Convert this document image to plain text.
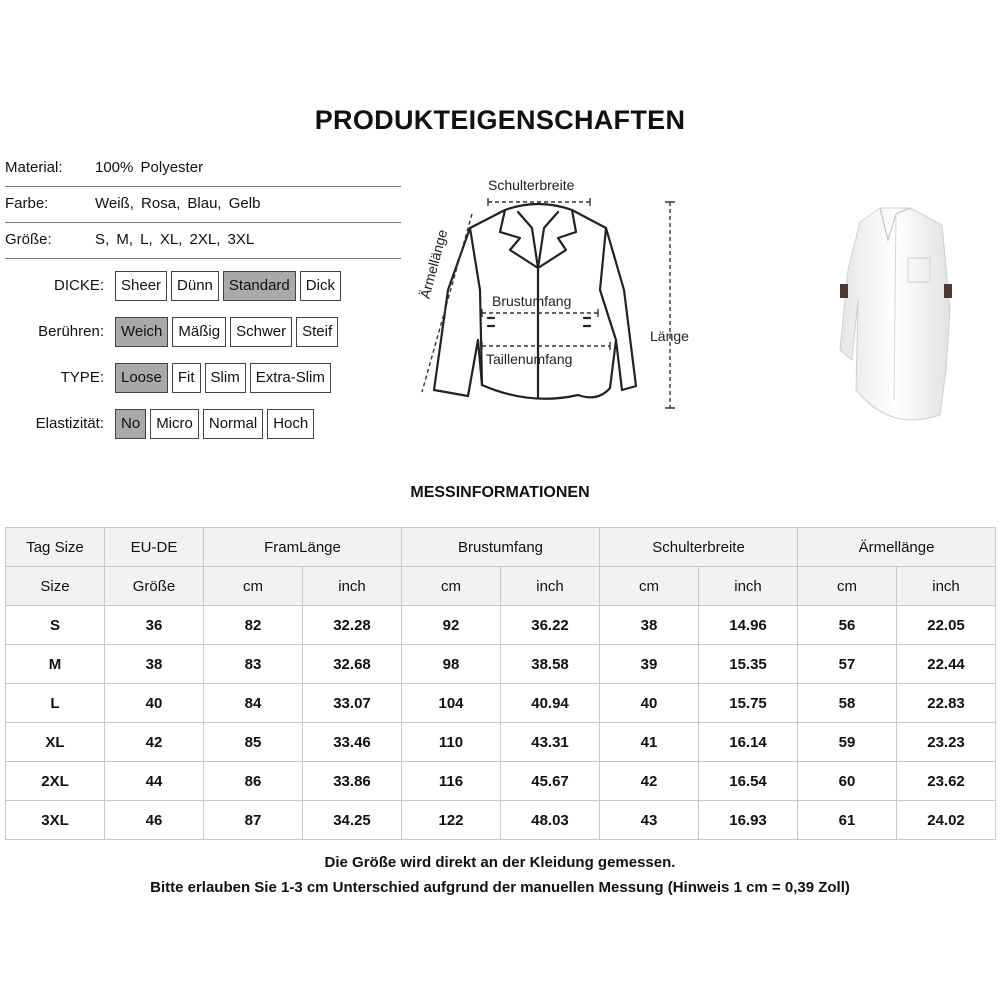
PRODUKTEIGENSCHAFTEN
Material: 100% Polyester
Farbe:	Weiß, Rosa, Blau, Gelb
Größe:	S, M, L, XL, 2XL, 3XL
DICKE:	Sheer	Dünn	Standard	Dick
Berühren:	Weich	Mäßig	Schwer	Steif
TYPE:	Loose	Fit	Slim	Extra-Slim
Elastizität:	No	Micro	Normal	Hoch
Schulterbreite
Ärmellänge
Brustumfang
Taillenumfang
Länge
MESSINFORMATIONEN
Tag Size	EU-DE	FramLänge		Brustumfang		Schulterbreite		Ärmellänge	
Size	Größe	cm	inch	cm	inch	cm	inch	cm	inch
S	36	82	32.28	92	36.22	38	14.96	56	22.05
M	38	83	32.68	98	38.58	39	15.35	57	22.44
L	40	84	33.07	104	40.94	40	15.75	58	22.83
XL	42	85	33.46	110	43.31	41	16.14	59	23.23
2XL	44	86	33.86	116	45.67	42	16.54	60	23.62
3XL	46	87	34.25	122	48.03	43	16.93	61	24.02
Die Größe wird direkt an der Kleidung gemessen.
Bitte erlauben Sie 1-3 cm Unterschied aufgrund der manuellen Messung (Hinweis 1 cm = 0,39 Zoll)
